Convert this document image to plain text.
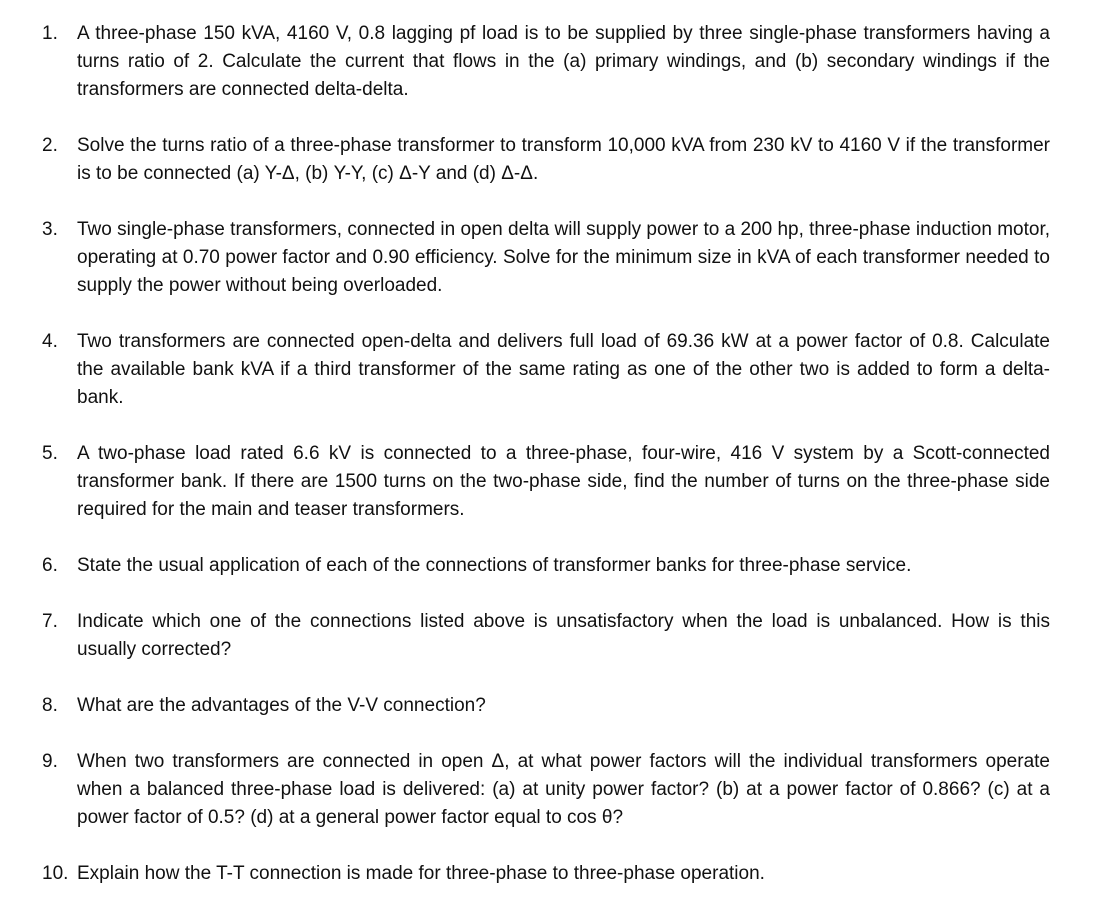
1.	A three-phase 150 kVA, 4160 V, 0.8 lagging pf load is to be supplied by three single-phase transformers having a turns ratio of 2. Calculate the current that flows in the (a) primary windings, and (b) secondary windings if the transformers are connected delta-delta.
2.	Solve the turns ratio of a three-phase transformer to transform 10,000 kVA from 230 kV to 4160 V if the transformer is to be connected (a) Y-Δ, (b) Y-Y, (c) Δ-Y and (d) Δ-Δ.
3.	Two single-phase transformers, connected in open delta will supply power to a 200 hp, three-phase induction motor, operating at 0.70 power factor and 0.90 efficiency. Solve for the minimum size in kVA of each transformer needed to supply the power without being overloaded.
4.	Two transformers are connected open-delta and delivers full load of 69.36 kW at a power factor of 0.8. Calculate the available bank kVA if a third transformer of the same rating as one of the other two is added to form a delta-bank.
5.	A two-phase load rated 6.6 kV is connected to a three-phase, four-wire, 416 V system by a Scott-connected transformer bank. If there are 1500 turns on the two-phase side, find the number of turns on the three-phase side required for the main and teaser transformers.
6.	State the usual application of each of the connections of transformer banks for three-phase service.
7.	Indicate which one of the connections listed above is unsatisfactory when the load is unbalanced. How is this usually corrected?
8.	What are the advantages of the V-V connection?
9.	When two transformers are connected in open Δ, at what power factors will the individual transformers operate when a balanced three-phase load is delivered: (a) at unity power factor? (b) at a power factor of 0.866? (c) at a power factor of 0.5? (d) at a general power factor equal to cos θ?
10. Explain how the T-T connection is made for three-phase to three-phase operation.
